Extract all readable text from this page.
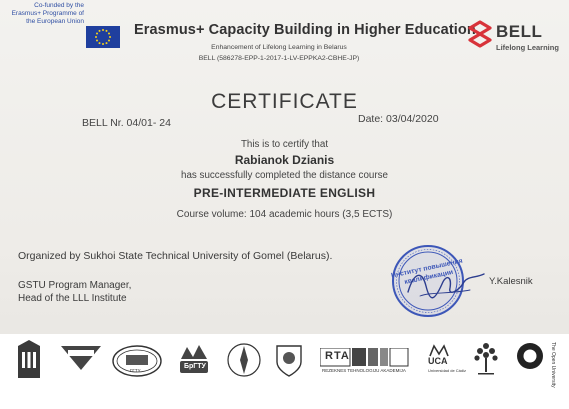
Co-funded by the Erasmus+ Programme of the European Union
Erasmus+ Capacity Building in Higher Education
Enhancement of Lifelong Learning in Belarus
BELL (586278-EPP-1-2017-1-LV-EPPKA2-CBHE-JP)
BELL
Lifelong Learning
CERTIFICATE
BELL Nr. 04/01- 24	Date: 03/04/2020
This is to certify that
Rabianok Dzianis
has successfully completed the distance course
PRE-INTERMEDIATE ENGLISH
Course volume: 104 academic hours (3,5 ECTS)
Organized by Sukhoi State Technical University of Gomel (Belarus).
GSTU Program Manager,
Head of the LLL Institute
Y.Kalesnik
Институт повышения квалификации
ГГТУ
БрГТУ
RTA
REZEKNES TEHNOLOGIJU AKADEMIJA
UCA
Universidad de Cádiz	The Open University
